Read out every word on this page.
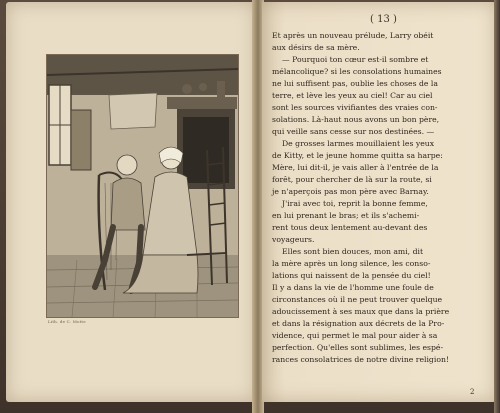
Lith. de C. Motte
( 13 )
Et après un nouveau prélude, Larry obéit
aux désirs de sa mère.
— Pourquoi ton cœur est-il sombre et
mélancolique? si les consolations humaines
ne lui suffisent pas, oublie les choses de la
terre, et lève les yeux au ciel! Car au ciel
sont les sources vivifiantes des vraies con-
solations. Là-haut nous avons un bon père,
qui veille sans cesse sur nos destinées. —
De grosses larmes mouillaient les yeux
de Kitty, et le jeune homme quitta sa harpe:
Mère, lui dit-il, je vais aller à l'entrée de la
forêt, pour chercher de là sur la route, si
je n'aperçois pas mon père avec Barnay.
J'irai avec toi, reprit la bonne femme,
en lui prenant le bras; et ils s'achemi-
rent tous deux lentement au-devant des
voyageurs.
Elles sont bien douces, mon ami, dit
la mère après un long silence, les conso-
lations qui naissent de la pensée du ciel!
Il y a dans la vie de l'homme une foule de
circonstances où il ne peut trouver quelque
adoucissement à ses maux que dans la prière
et dans la résignation aux décrets de la Pro-
vidence, qui permet le mal pour aider à sa
perfection. Qu'elles sont sublimes, les espé-
rances consolatrices de notre divine religion!
2
